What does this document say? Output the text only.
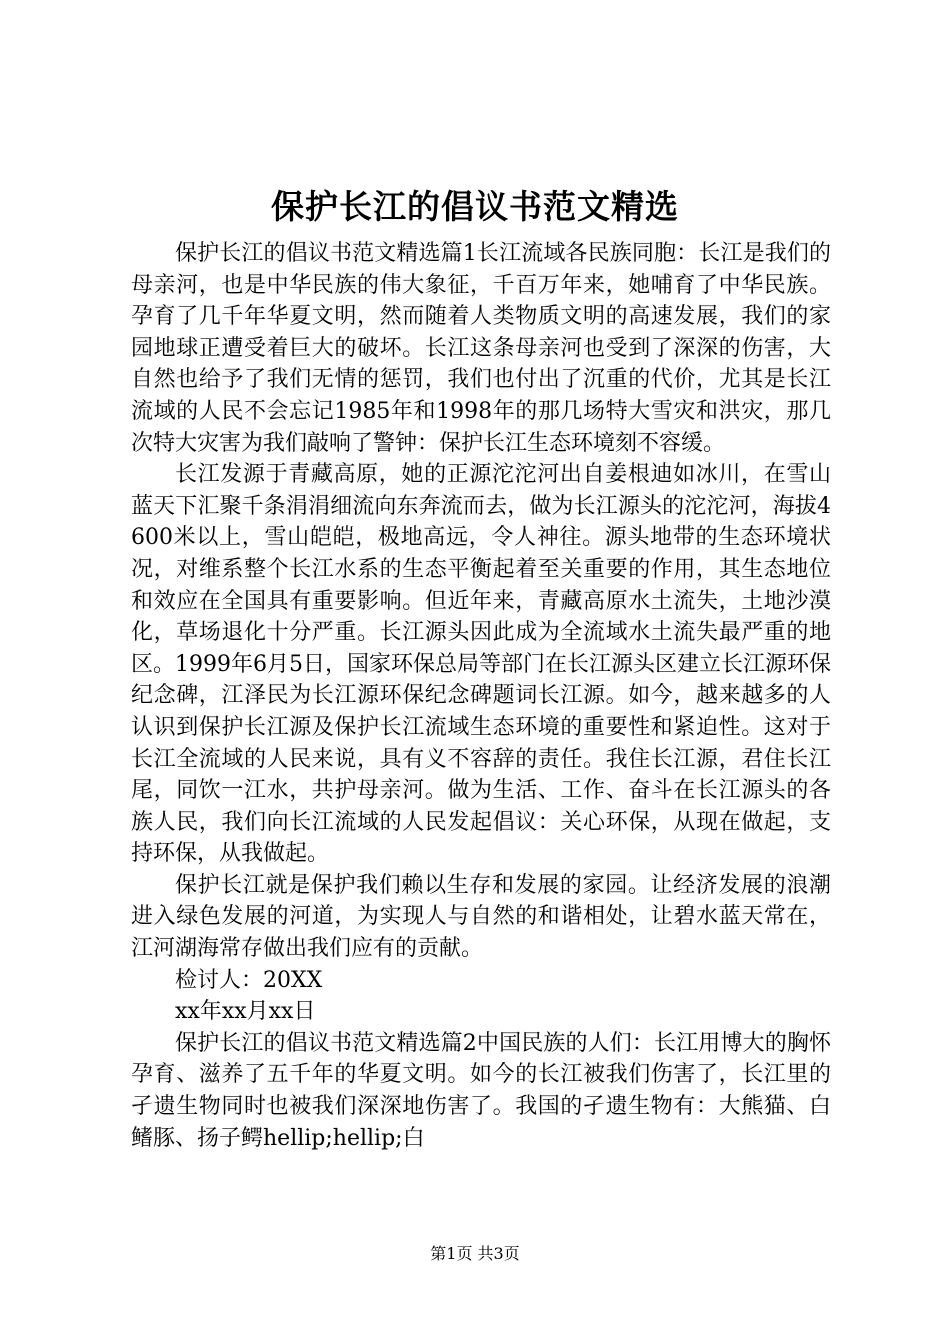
保护长江的倡议书范文精选

保护长江的倡议书范文精选篇1长江流域各民族同胞：长江是我们的母亲河，也是中华民族的伟大象征，千百万年来，她哺育了中华民族。孕育了几千年华夏文明，然而随着人类物质文明的高速发展，我们的家园地球正遭受着巨大的破坏。长江这条母亲河也受到了深深的伤害，大自然也给予了我们无情的惩罚，我们也付出了沉重的代价，尤其是长江流域的人民不会忘记1985年和1998年的那几场特大雪灾和洪灾，那几次特大灾害为我们敲响了警钟：保护长江生态环境刻不容缓。

长江发源于青藏高原，她的正源沱沱河出自姜根迪如冰川，在雪山蓝天下汇聚千条涓涓细流向东奔流而去，做为长江源头的沱沱河，海拔4600米以上，雪山皑皑，极地高远，令人神往。源头地带的生态环境状况，对维系整个长江水系的生态平衡起着至关重要的作用，其生态地位和效应在全国具有重要影响。但近年来，青藏高原水土流失，土地沙漠化，草场退化十分严重。长江源头因此成为全流域水土流失最严重的地区。1999年6月5日，国家环保总局等部门在长江源头区建立长江源环保纪念碑，江泽民为长江源环保纪念碑题词长江源。如今，越来越多的人认识到保护长江源及保护长江流域生态环境的重要性和紧迫性。这对于长江全流域的人民来说，具有义不容辞的责任。我住长江源，君住长江尾，同饮一江水，共护母亲河。做为生活、工作、奋斗在长江源头的各族人民，我们向长江流域的人民发起倡议：关心环保，从现在做起，支持环保，从我做起。

保护长江就是保护我们赖以生存和发展的家园。让经济发展的浪潮进入绿色发展的河道，为实现人与自然的和谐相处，让碧水蓝天常在，江河湖海常存做出我们应有的贡献。

检讨人：20XX

xx年xx月xx日

保护长江的倡议书范文精选篇2中国民族的人们：长江用博大的胸怀孕育、滋养了五千年的华夏文明。如今的长江被我们伤害了，长江里的孑遗生物同时也被我们深深地伤害了。我国的孑遗生物有：大熊猫、白鳍豚、扬子鳄hellip;hellip;白

第1页 共3页
